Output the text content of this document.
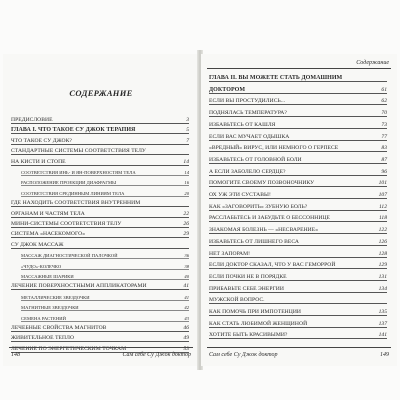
СОДЕРЖАНИЕ
ПРЕДИСЛОВИЕ	3
ГЛАВА I. ЧТО ТАКОЕ СУ ДЖОК ТЕРАПИЯ	5
ЧТО ТАКОЕ СУ ДЖОК?	7
СТАНДАРТНЫЕ СИСТЕМЫ СООТВЕТСТВИЯ ТЕЛУ
НА КИСТИ И СТОПЕ	14
СООТВЕТСТВИЯ ИНЬ- И ЯН-ПОВЕРХНОСТЯМ ТЕЛА	14
РАСПОЛОЖЕНИЕ ПРОЕКЦИИ ДИАФРАГМЫ	16
СООТВЕТСТВИЯ СРЕДИННЫМ ЛИНИЯМ ТЕЛА	20
ГДЕ НАХОДИТЬ СООТВЕТСТВИЯ ВНУТРЕННИМ
ОРГАНАМ И ЧАСТЯМ ТЕЛА	22
МИНИ-СИСТЕМЫ СООТВЕТСТВИЯ ТЕЛУ	26
СИСТЕМА «НАСЕКОМОГО»	29
СУ ДЖОК МАССАЖ
МАССАЖ ДИАГНОСТИЧЕСКОЙ ПАЛОЧКОЙ	36
«ЧУДО»-КОЛЕЧКО	38
МАССАЖНЫЕ ШАРИКИ	40
ЛЕЧЕНИЕ ПОВЕРХНОСТНЫМИ АППЛИКАТОРАМИ	41
МЕТАЛЛИЧЕСКИЕ ЗВЕЗДОЧКИ	41
МАГНИТНЫЕ ЗВЕЗДОЧКИ	42
СЕМЕНА РАСТЕНИЙ	43
ЛЕЧЕБНЫЕ СВОЙСТВА МАГНИТОВ	46
ЖИВИТЕЛЬНОЕ ТЕПЛО	49
ЛЕЧЕНИЕ ПО ЭНЕРГЕТИЧЕСКИМ ТОЧКАМ	53
148	Сам себе Су Джок доктор
Содержание
ГЛАВА II. ВЫ МОЖЕТЕ СТАТЬ ДОМАШНИМ
ДОКТОРОМ	61
ЕСЛИ ВЫ ПРОСТУДИЛИСЬ...	62
ПОДНЯЛАСЬ ТЕМПЕРАТУРА?	70
ИЗБАВЬТЕСЬ ОТ КАШЛЯ	73
ЕСЛИ ВАС МУЧАЕТ ОДЫШКА	77
«ВРЕДНЫЙ» ВИРУС, ИЛИ НЕМНОГО О ГЕРПЕСЕ	83
ИЗБАВЬТЕСЬ ОТ ГОЛОВНОЙ БОЛИ	87
А ЕСЛИ ЗАБОЛЕЛО СЕРДЦЕ?	96
ПОМОГИТЕ СВОЕМУ ПОЗВОНОЧНИКУ	101
ОХ УЖ ЭТИ СУСТАВЫ!	107
КАК «ЗАГОВОРИТЬ» ЗУБНУЮ БОЛЬ?	112
РАССЛАБЬТЕСЬ И ЗАБУДЬТЕ О БЕССОННИЦЕ	118
ЗНАКОМАЯ БОЛЕЗНЬ — «НЕСВАРЕНИЕ»	122
ИЗБАВЬТЕСЬ ОТ ЛИШНЕГО ВЕСА	126
НЕТ ЗАПОРАМ!	128
ЕСЛИ ДОКТОР СКАЗАЛ, ЧТО У ВАС ГЕМОРРОЙ	129
ЕСЛИ ПОЧКИ НЕ В ПОРЯДКЕ	131
ПРИБАВЬТЕ СЕБЕ ЭНЕРГИИ	134
МУЖСКОЙ ВОПРОС.
КАК ПОМОЧЬ ПРИ ИМПОТЕНЦИИ	135
КАК СТАТЬ ЛЮБИМОЙ ЖЕНЩИНОЙ	137
ХОТИТЕ БЫТЬ КРАСИВЫМИ?	141
Сам себе Су Джок доктор	149
